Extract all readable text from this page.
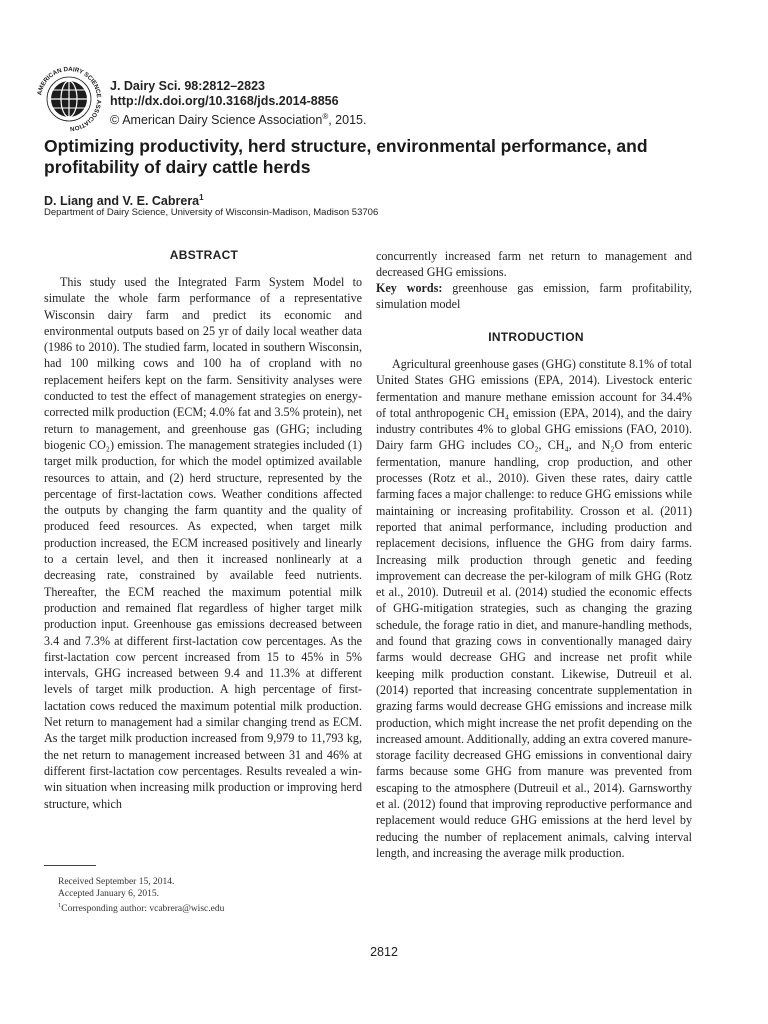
AMERICAN DAIRY SCIENCE ASSOCIATION
J. Dairy Sci. 98:2812–2823
http://dx.doi.org/10.3168/jds.2014-8856
© American Dairy Science Association®, 2015.
Optimizing productivity, herd structure, environmental performance, and profitability of dairy cattle herds
D. Liang and V. E. Cabrera$^1$
Department of Dairy Science, University of Wisconsin-Madison, Madison 53706
ABSTRACT

This study used the Integrated Farm System Model to simulate the whole farm performance of a representative Wisconsin dairy farm and predict its economic and environmental outputs based on 25 yr of daily local weather data (1986 to 2010). The studied farm, located in southern Wisconsin, had 100 milking cows and 100 ha of cropland with no replacement heifers kept on the farm. Sensitivity analyses were conducted to test the effect of management strategies on energy-corrected milk production (ECM; 4.0% fat and 3.5% protein), net return to management, and greenhouse gas (GHG; including biogenic CO₂) emission. The management strategies included (1) target milk production, for which the model optimized available resources to attain, and (2) herd structure, represented by the percentage of first-lactation cows. Weather conditions affected the outputs by changing the farm quantity and the quality of produced feed resources. As expected, when target milk production increased, the ECM increased positively and linearly to a certain level, and then it increased nonlinearly at a decreasing rate, constrained by available feed nutrients. Thereafter, the ECM reached the maximum potential milk production and remained flat regardless of higher target milk production input. Greenhouse gas emissions decreased between 3.4 and 7.3% at different first-lactation cow percentages. As the first-lactation cow percent increased from 15 to 45% in 5% intervals, GHG increased between 9.4 and 11.3% at different levels of target milk production. A high percentage of first-lactation cows reduced the maximum potential milk production. Net return to management had a similar changing trend as ECM. As the target milk production increased from 9,979 to 11,793 kg, the net return to management increased between 31 and 46% at different first-lactation cow percentages. Results revealed a win-win situation when increasing milk production or improving herd structure, which

concurrently increased farm net return to management and decreased GHG emissions.

Key words: greenhouse gas emission, farm profitability, simulation model

INTRODUCTION

Agricultural greenhouse gases (GHG) constitute 8.1% of total United States GHG emissions (EPA, 2014). Livestock enteric fermentation and manure methane emission account for 34.4% of total anthropogenic CH₄ emission (EPA, 2014), and the dairy industry contributes 4% to global GHG emissions (FAO, 2010). Dairy farm GHG includes CO₂, CH₄, and N₂O from enteric fermentation, manure handling, crop production, and other processes (Rotz et al., 2010). Given these rates, dairy cattle farming faces a major challenge: to reduce GHG emissions while maintaining or increasing profitability. Crosson et al. (2011) reported that animal performance, including production and replacement decisions, influence the GHG from dairy farms. Increasing milk production through genetic and feeding improvement can decrease the per-kilogram of milk GHG (Rotz et al., 2010). Dutreuil et al. (2014) studied the economic effects of GHG-mitigation strategies, such as changing the grazing schedule, the forage ratio in diet, and manure-handling methods, and found that grazing cows in conventionally managed dairy farms would decrease GHG and increase net profit while keeping milk production constant. Likewise, Dutreuil et al. (2014) reported that increasing concentrate supplementation in grazing farms would decrease GHG emissions and increase milk production, which might increase the net profit depending on the increased amount. Additionally, adding an extra covered manure-storage facility decreased GHG emissions in conventional dairy farms because some GHG from manure was prevented from escaping to the atmosphere (Dutreuil et al., 2014). Garnsworthy et al. (2012) found that improving reproductive performance and replacement would reduce GHG emissions at the herd level by reducing the number of replacement animals, calving interval length, and increasing the average milk production.

Received September 15, 2014.
Accepted January 6, 2015.
$^1$Corresponding author: vcabrera@wisc.edu
2812
